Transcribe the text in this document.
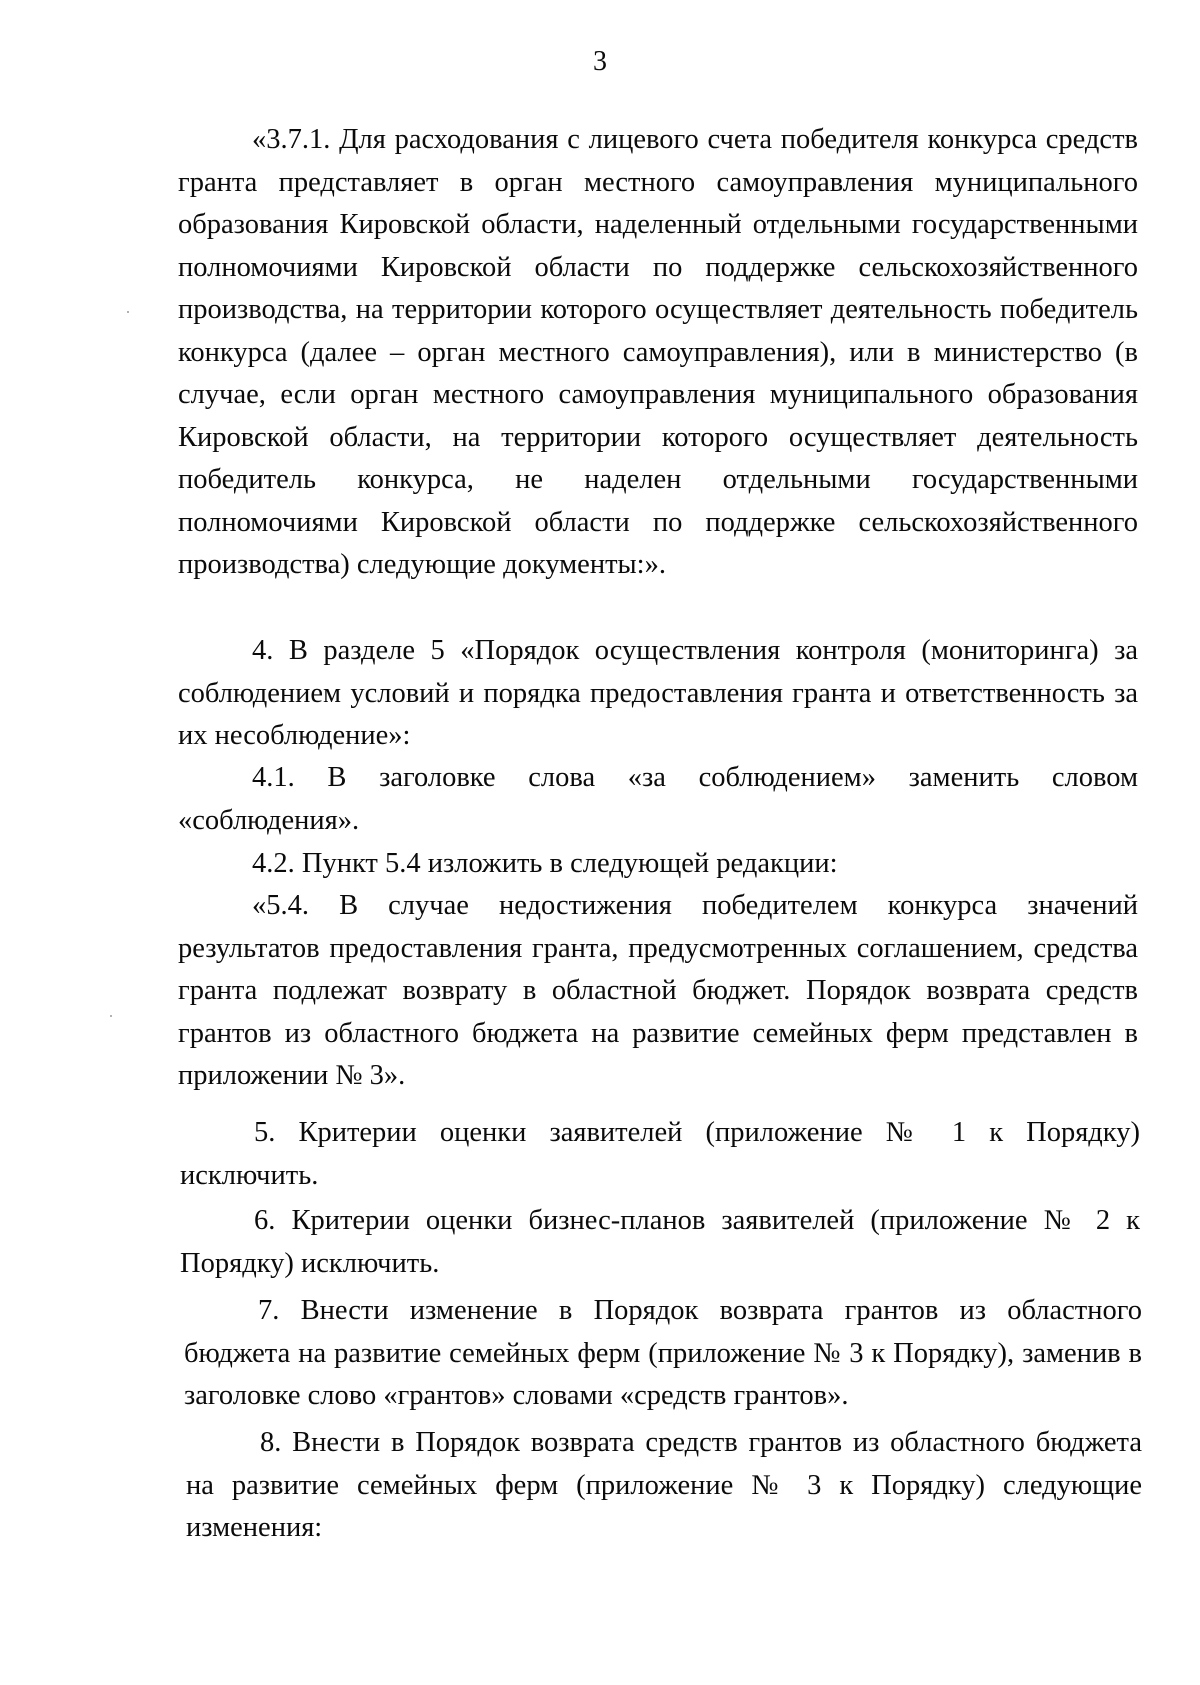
3

«3.7.1. Для расходования с лицевого счета победителя конкурса средств гранта представляет в орган местного самоуправления муниципального образования Кировской области, наделенный отдельными государственными полномочиями Кировской области по поддержке сельскохозяйственного производства, на территории которого осуществляет деятельность победитель конкурса (далее – орган местного самоуправления), или в министерство (в случае, если орган местного самоуправления муниципального образования Кировской области, на территории которого осуществляет деятельность победитель конкурса, не наделен отдельными государственными полномочиями Кировской области по поддержке сельскохозяйственного производства) следующие документы:».

4. В разделе 5 «Порядок осуществления контроля (мониторинга) за соблюдением условий и порядка предоставления гранта и ответственность за их несоблюдение»:

4.1. В заголовке слова «за соблюдением» заменить словом «соблюдения».

4.2. Пункт 5.4 изложить в следующей редакции:

«5.4. В случае недостижения победителем конкурса значений результатов предоставления гранта, предусмотренных соглашением, средства гранта подлежат возврату в областной бюджет. Порядок возврата средств грантов из областного бюджета на развитие семейных ферм представлен в приложении № 3».

5. Критерии оценки заявителей (приложение № 1 к Порядку) исключить.

6. Критерии оценки бизнес-планов заявителей (приложение № 2 к Порядку) исключить.

7. Внести изменение в Порядок возврата грантов из областного бюджета на развитие семейных ферм (приложение № 3 к Порядку), заменив в заголовке слово «грантов» словами «средств грантов».

8. Внести в Порядок возврата средств грантов из областного бюджета на развитие семейных ферм (приложение № 3 к Порядку) следующие изменения:
